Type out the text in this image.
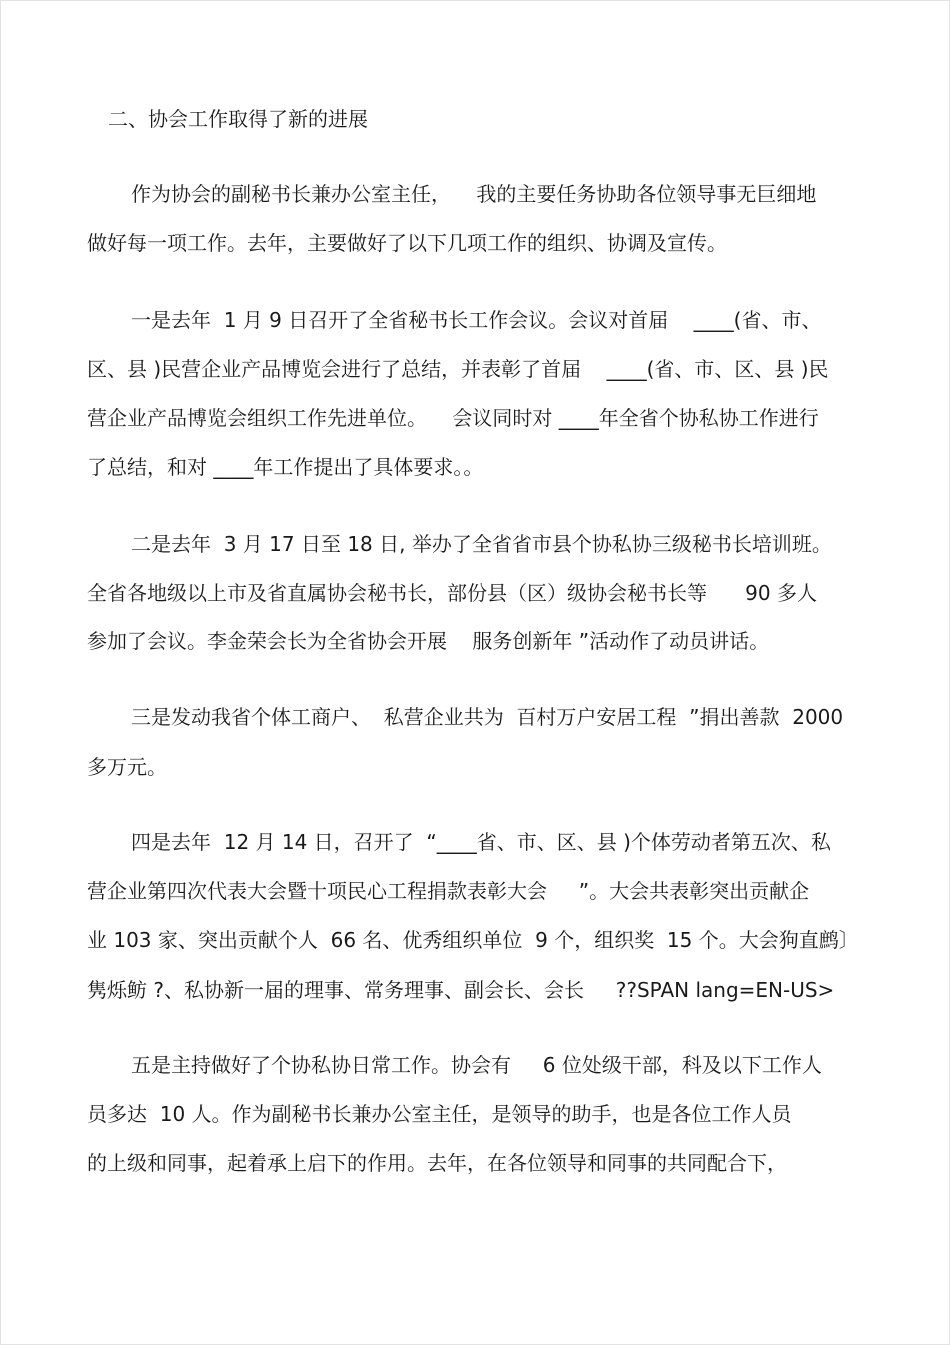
二、协会工作取得了新的进展

作为协会的副秘书长兼办公室主任，    我的主要任务协助各位领导事无巨细地

做好每一项工作。去年，主要做好了以下几项工作的组织、协调及宣传。

一是去年  1 月 9 日召开了全省秘书长工作会议。会议对首届    ____(省、市、

区、县 )民营企业产品博览会进行了总结，并表彰了首届    ____(省、市、区、县 )民

营企业产品博览会组织工作先进单位。    会议同时对 ____年全省个协私协工作进行

了总结，和对 ____年工作提出了具体要求。。

二是去年  3 月 17 日至 18 日, 举办了全省省市县个协私协三级秘书长培训班。

全省各地级以上市及省直属协会秘书长，部份县（区）级协会秘书长等      90 多人

参加了会议。李金荣会长为全省协会开展    服务创新年 ”活动作了动员讲话。

三是发动我省个体工商户、  私营企业共为  百村万户安居工程  ”捐出善款  2000

多万元。

四是去年  12 月 14 日，召开了  “____省、市、区、县 )个体劳动者第五次、私

营企业第四次代表大会暨十项民心工程捐款表彰大会     ”。大会共表彰突出贡献企

业 103 家、突出贡献个人  66 名、优秀组织单位  9 个，组织奖  15 个。大会狗直鹧〕

隽烁鲂 ?、私协新一届的理事、常务理事、副会长、会长     ??SPAN lang=EN-US>

五是主持做好了个协私协日常工作。协会有     6 位处级干部，科及以下工作人

员多达  10 人。作为副秘书长兼办公室主任，是领导的助手，也是各位工作人员

的上级和同事，起着承上启下的作用。去年，在各位领导和同事的共同配合下，
